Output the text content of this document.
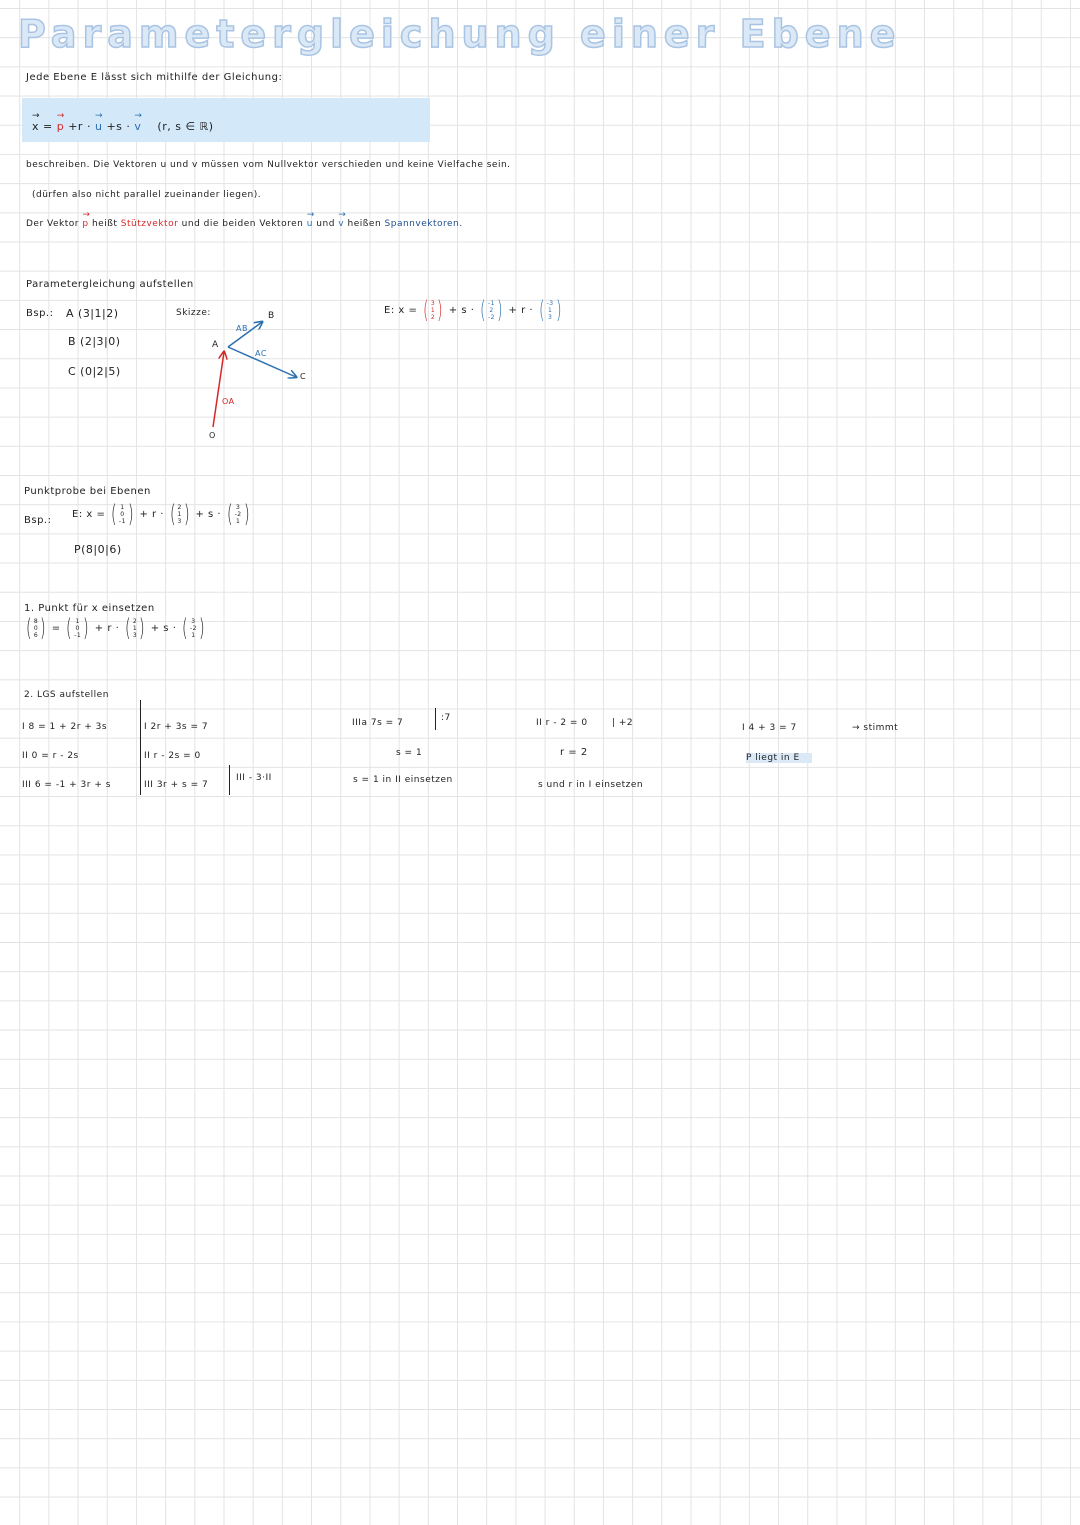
Parametergleichung einer Ebene
Jede Ebene E lässt sich mithilfe der Gleichung:
→ x = → p +r · → u +s · → v (r, s ∈ ℝ)
beschreiben. Die Vektoren u und v müssen vom Nullvektor verschieden und keine Vielfache sein.
(dürfen also nicht parallel zueinander liegen).
Der Vektor → p heißt Stützvektor und die beiden Vektoren → u und → v heißen Spannvektoren.
Parametergleichung aufstellen
Bsp.: A (3|1|2)
B (2|3|0)
C (0|2|5)
Skizze:
A
B
C
O
AB
AC
OA
E: x = ( 3
1
2 ) + s · ( -1
2
-2 ) + r · ( -3
1
3 )
Punktprobe bei Ebenen
Bsp.:
E: x = ( 1
0
-1 ) + r · ( 2
1
3 ) + s · ( 3
-2
1 )
P(8|0|6)
1. Punkt für x einsetzen
( 8
0
6 ) = ( 1
0
-1 ) + r · ( 2
1
3 ) + s · ( 3
-2
1 )
2. LGS aufstellen
I 8 = 1 + 2r + 3s
II 0 = r - 2s
III 6 = -1 + 3r + s
I 2r + 3s = 7
II r - 2s = 0
III 3r + s = 7
III - 3·II
IIIa 7s = 7	:7
s = 1
s = 1 in II einsetzen
II r - 2 = 0	| +2
r = 2
s und r in I einsetzen
I 4 + 3 = 7	→ stimmt
P liegt in E
